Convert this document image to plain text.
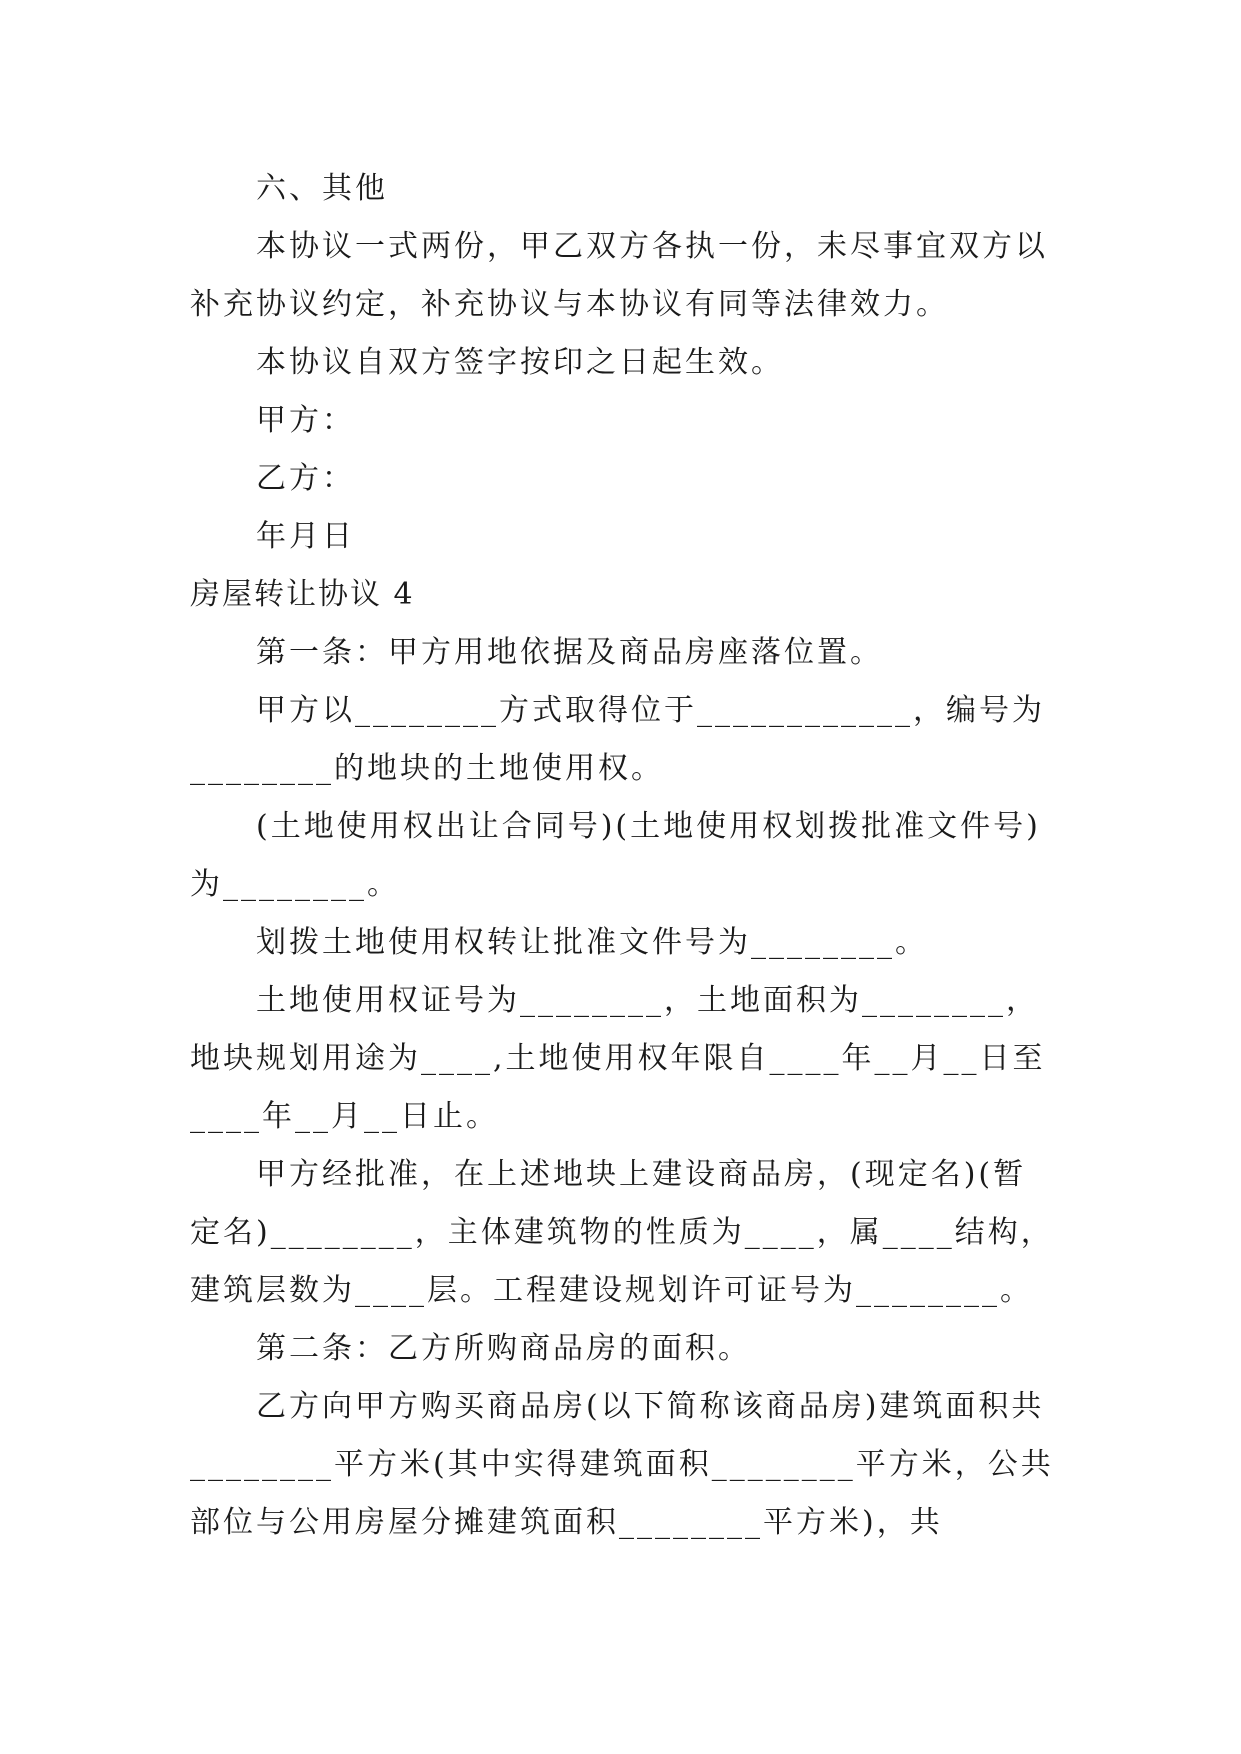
六、其他

本协议一式两份，甲乙双方各执一份，未尽事宜双方以补充协议约定，补充协议与本协议有同等法律效力。

本协议自双方签字按印之日起生效。

甲方：

乙方：

年月日

房屋转让协议 4

第一条：甲方用地依据及商品房座落位置。

甲方以________方式取得位于____________，编号为________的地块的土地使用权。

(土地使用权出让合同号)(土地使用权划拨批准文件号)为________。

划拨土地使用权转让批准文件号为________。

土地使用权证号为________，土地面积为________，地块规划用途为____,土地使用权年限自____年__月__日至____年__月__日止。

甲方经批准，在上述地块上建设商品房，(现定名)(暂定名)________，主体建筑物的性质为____，属____结构，建筑层数为____层。工程建设规划许可证号为________。

第二条：乙方所购商品房的面积。

乙方向甲方购买商品房(以下简称该商品房)建筑面积共________平方米(其中实得建筑面积________平方米，公共部位与公用房屋分摊建筑面积________平方米)，共
